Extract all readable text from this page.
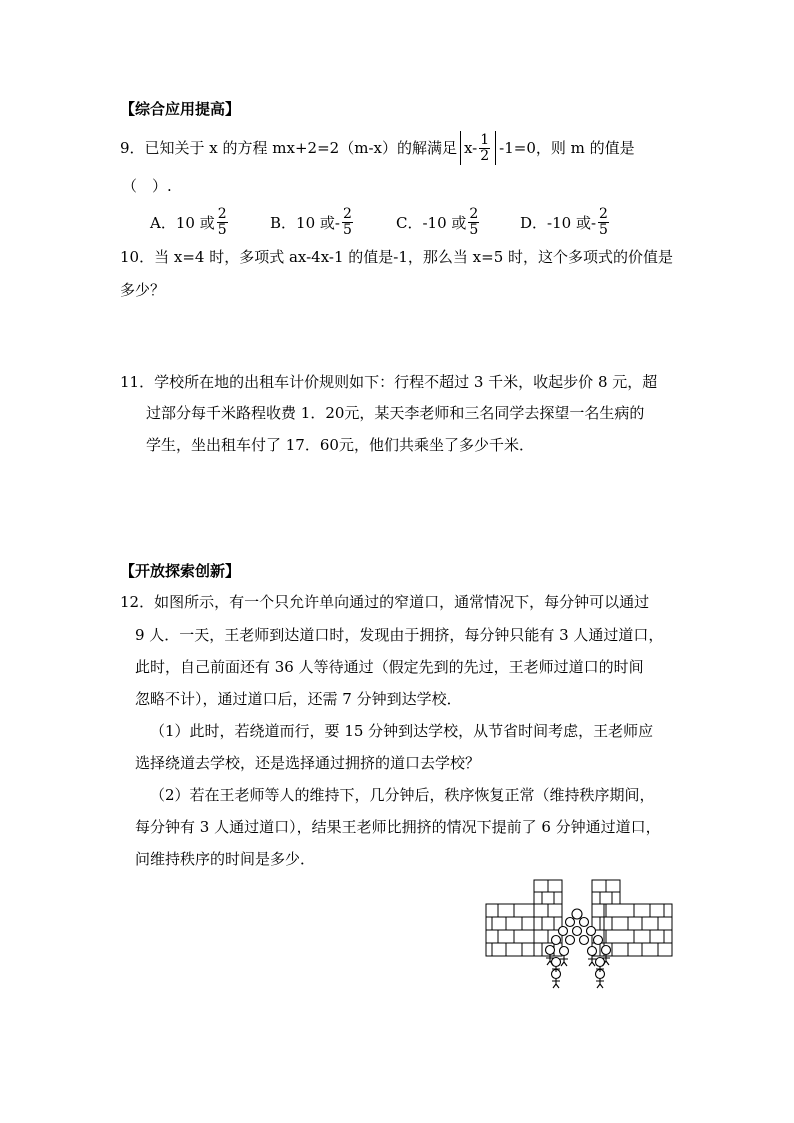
【综合应用提高】
9．已知关于 x 的方程 mx+2=2（m-x）的解满足 $x- \frac{1}{2} -1=0$，则 m 的值是
（　）.
A．10 或 $\frac{2}{5}$	B．10 或- $\frac{2}{5}$	C．-10 或 $\frac{2}{5}$	D．-10 或- $\frac{2}{5}$
10．当 x=4 时，多项式 ax-4x-1 的值是-1，那么当 x=5 时，这个多项式的价值是
多少？
11．学校所在地的出租车计价规则如下：行程不超过 3 千米，收起步价 8 元，超
过部分每千米路程收费 1．20元，某天李老师和三名同学去探望一名生病的
学生，坐出租车付了 17．60元，他们共乘坐了多少千米．
【开放探索创新】
12．如图所示，有一个只允许单向通过的窄道口，通常情况下，每分钟可以通过
9 人．一天，王老师到达道口时，发现由于拥挤，每分钟只能有 3 人通过道口，
此时，自己前面还有 36 人等待通过（假定先到的先过，王老师过道口的时间
忽略不计），通过道口后，还需 7 分钟到达学校．
（1）此时，若绕道而行，要 15 分钟到达学校，从节省时间考虑，王老师应
选择绕道去学校，还是选择通过拥挤的道口去学校？
（2）若在王老师等人的维持下，几分钟后，秩序恢复正常（维持秩序期间，
每分钟有 3 人通过道口），结果王老师比拥挤的情况下提前了 6 分钟通过道口，
问维持秩序的时间是多少．
